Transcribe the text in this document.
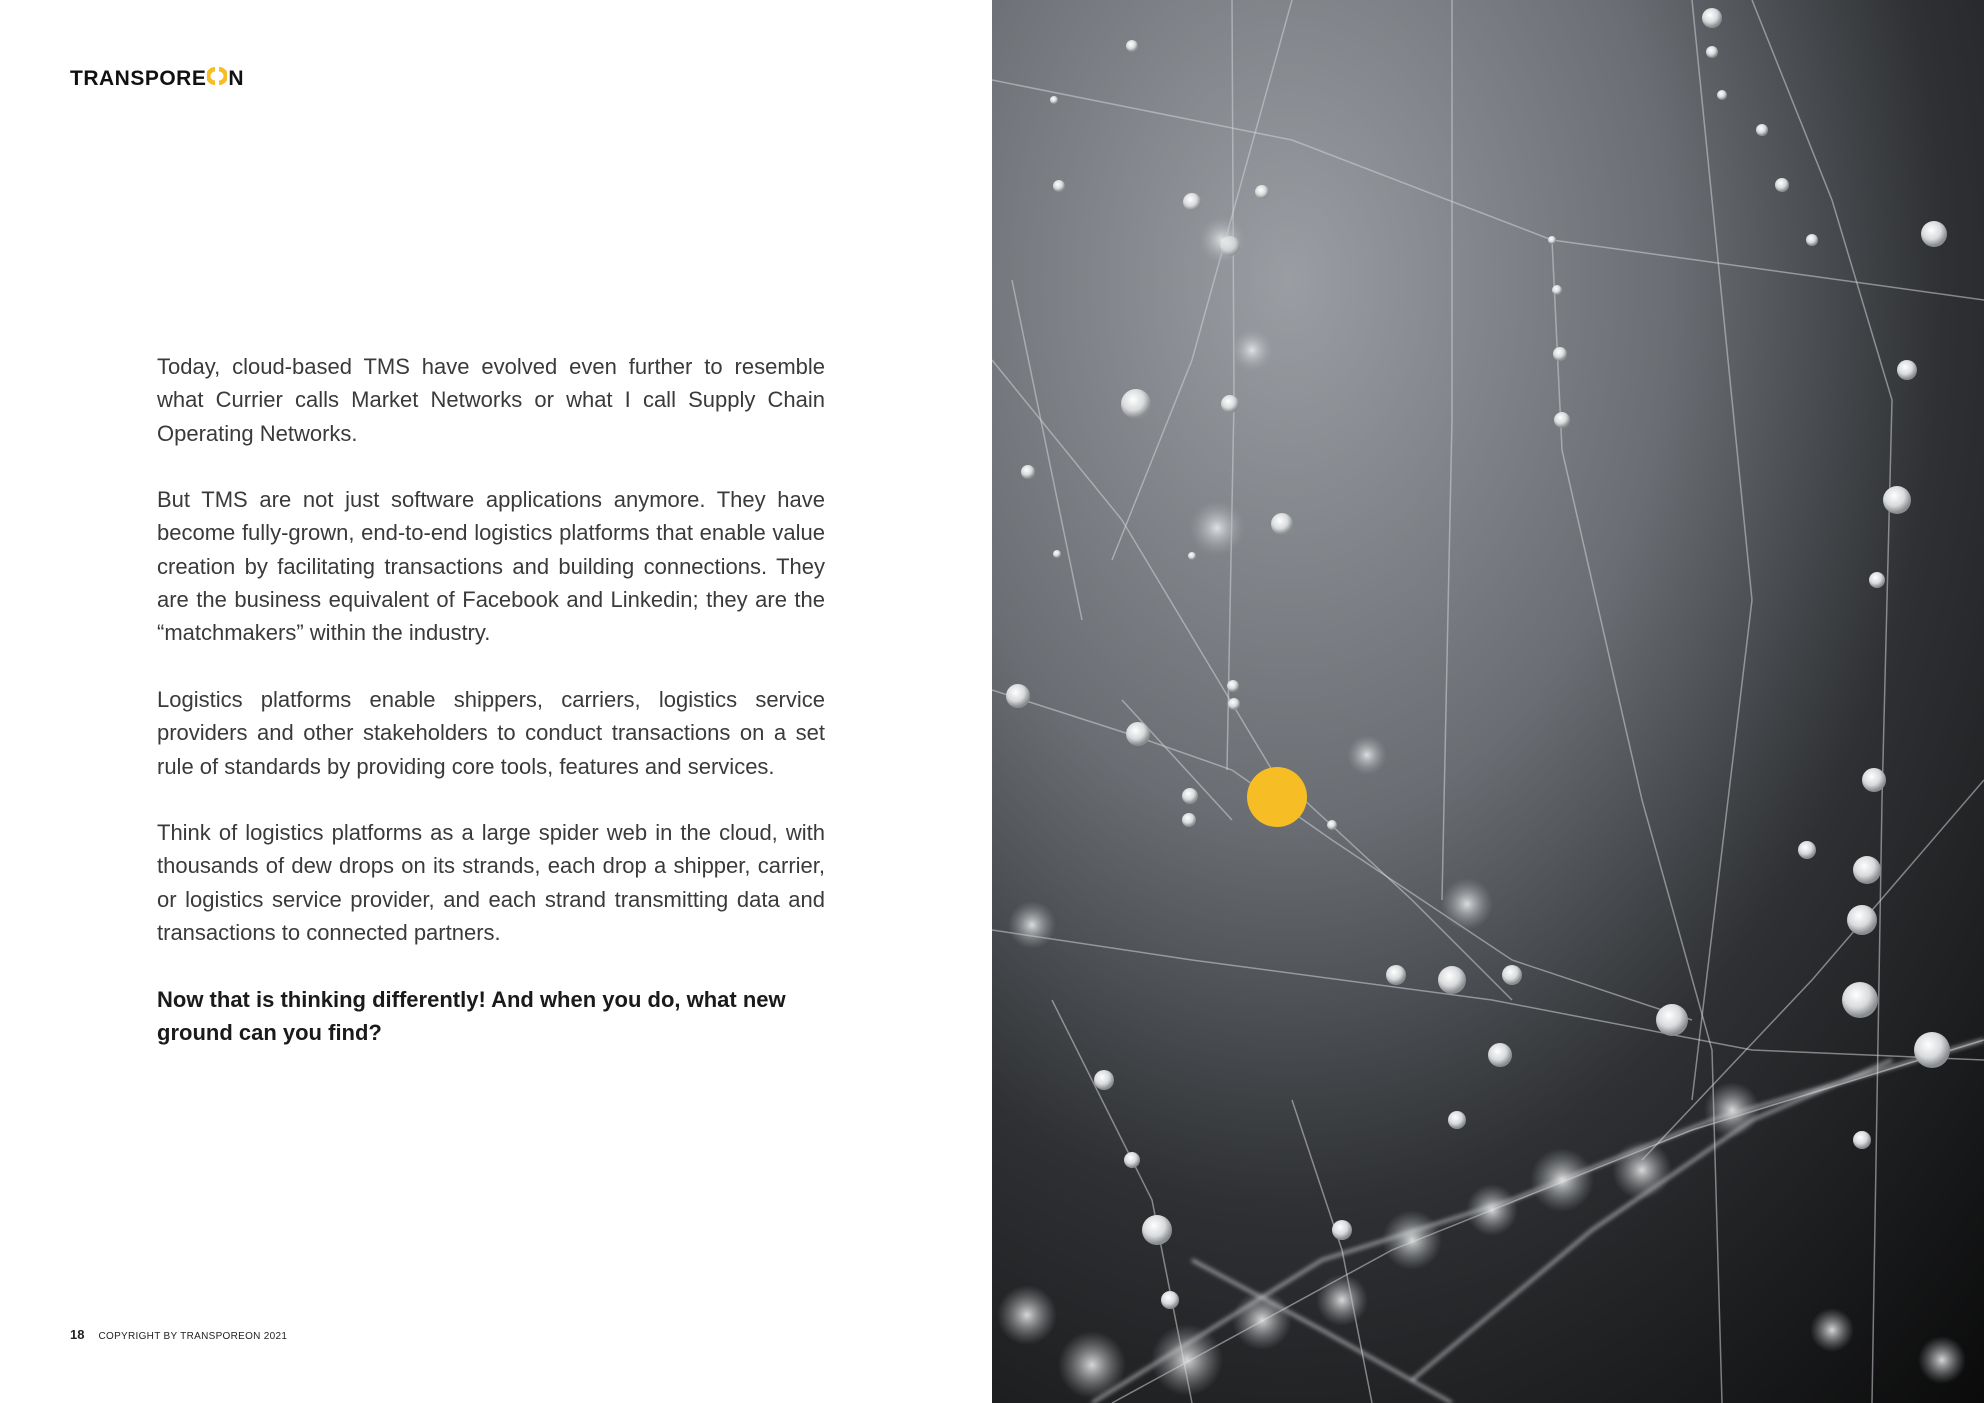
TRANSPORE N

Today, cloud-based TMS have evolved even further to resemble what Currier calls Market Networks or what I call Supply Chain Operating Networks.

But TMS are not just software applications anymore. They have become fully-grown, end-to-end logistics platforms that enable value creation by facilitating transactions and building connections. They are the business equivalent of Facebook and Linkedin; they are the “matchmakers” within the industry.

Logistics platforms enable shippers, carriers, logistics service providers and other stakeholders to conduct transactions on a set rule of standards by providing core tools, features and services.

Think of logistics platforms as a large spider web in the cloud, with thousands of dew drops on its strands, each drop a shipper, carrier, or logistics service provider, and each strand transmitting data and transactions to connected partners.

Now that is thinking differently! And when you do, what new ground can you find?

18 COPYRIGHT BY TRANSPOREON 2021
